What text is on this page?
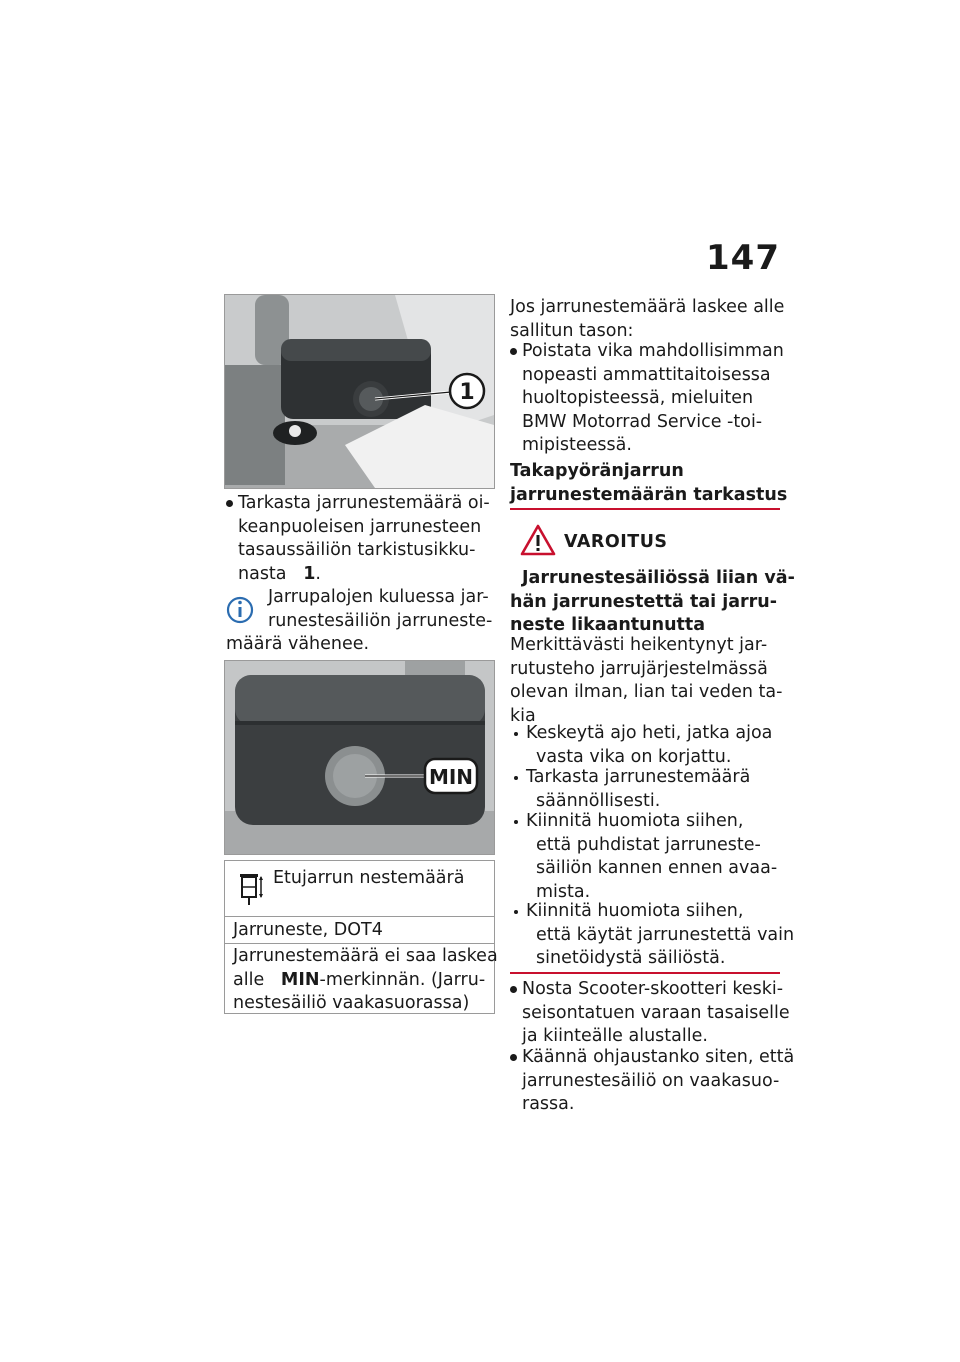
147
1
Tarkasta jarrunestemäärä oi-
keanpuoleisen jarrunesteen
tasaussäiliön tarkistusikku-
nasta   1.
Jarrupalojen kuluessa jar-
runestesäiliön jarruneste-
määrä vähenee.
MIN
Etujarrun nestemäärä
Jarruneste, DOT4
Jarrunestemäärä ei saa laskea
alle   MIN-merkinnän. (Jarru-
nestesäiliö vaakasuorassa)
Jos jarrunestemäärä laskee alle
sallitun tason:
Poistata vika mahdollisimman
nopeasti ammattitaitoisessa
huoltopisteessä, mieluiten
BMW Motorrad Service -toi-
mipisteessä.
Takapyöränjarrun
jarrunestemäärän tarkastus
VAROITUS
Jarrunestesäiliössä liian vä-
hän jarrunestettä tai jarru-
neste likaantunutta
Merkittävästi heikentynyt jar-
rutusteho jarrujärjestelmässä
olevan ilman, lian tai veden ta-
kia
Keskeytä ajo heti, jatka ajoa
vasta vika on korjattu.
Tarkasta jarrunestemäärä
säännöllisesti.
Kiinnitä huomiota siihen,
että puhdistat jarruneste-
säiliön kannen ennen avaa-
mista.
Kiinnitä huomiota siihen,
että käytät jarrunestettä vain
sinetöidystä säiliöstä.
Nosta Scooter-skootteri keski-
seisontatuen varaan tasaiselle
ja kiinteälle alustalle.
Käännä ohjaustanko siten, että
jarrunestesäiliö on vaakasuo-
rassa.
